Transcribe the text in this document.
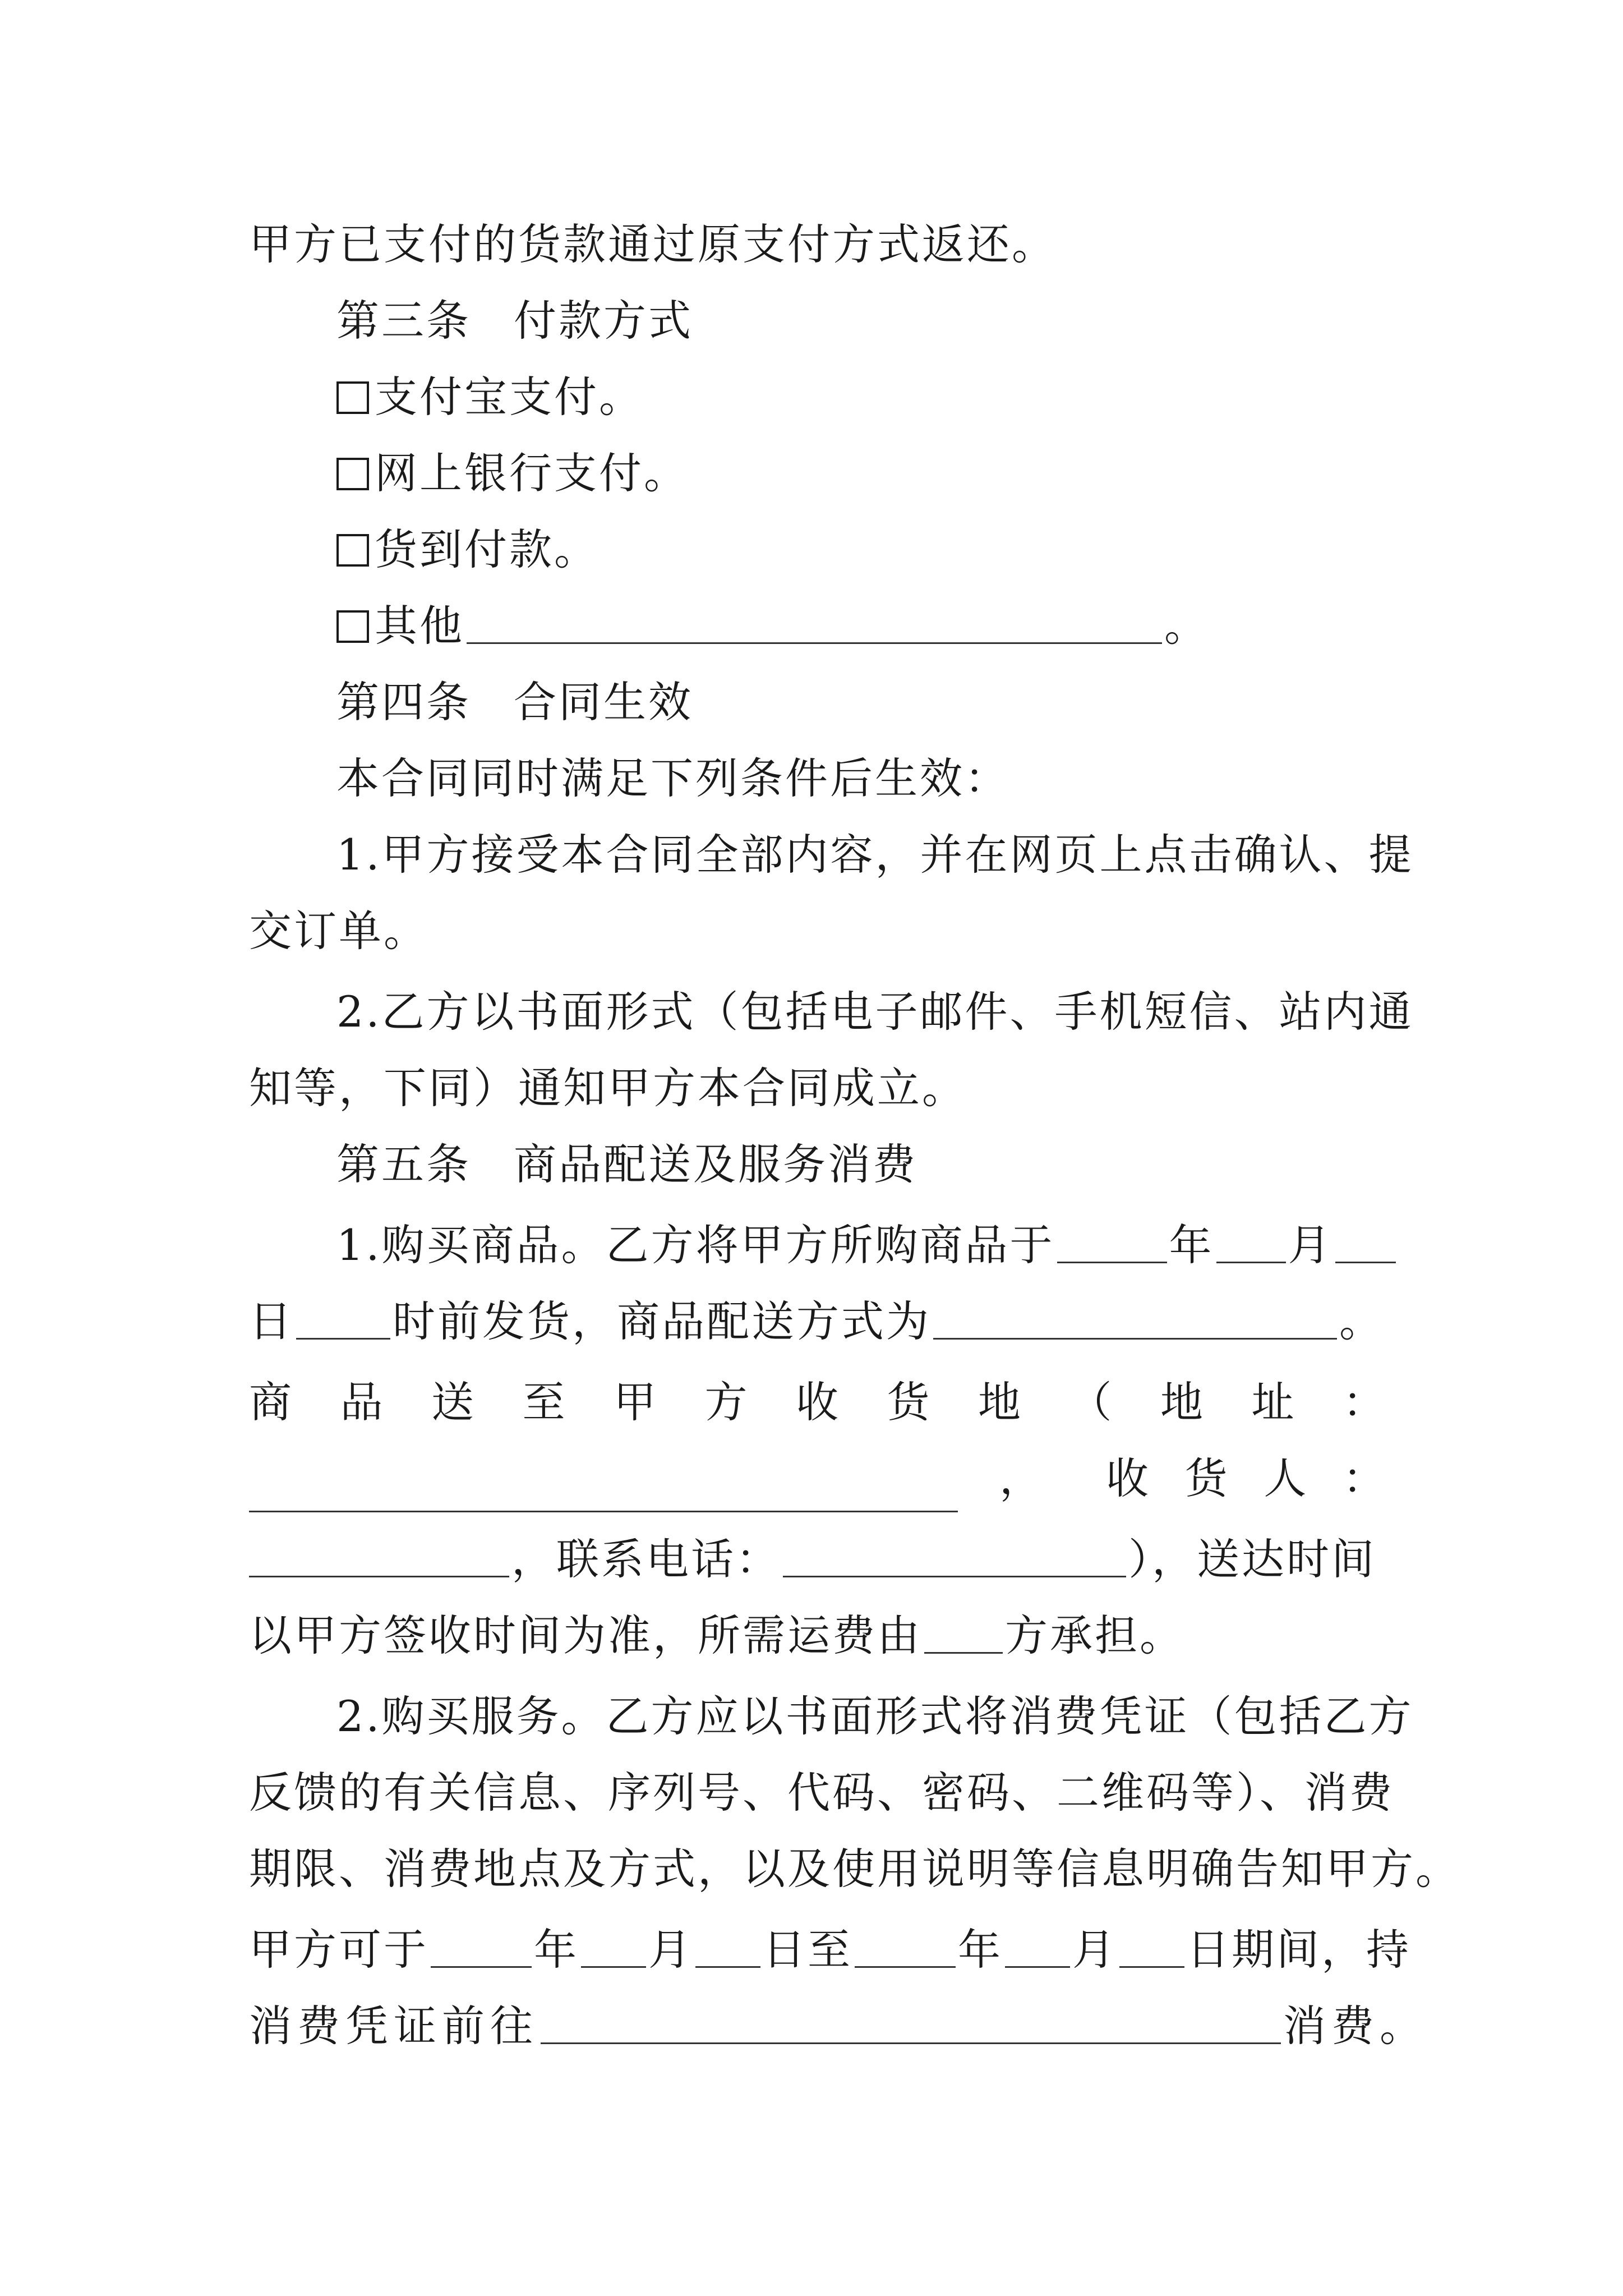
甲方已支付的货款通过原支付方式返还。
第三条 付款方式
支付宝支付。
网上银行支付。
货到付款。
其他	。
第四条 合同生效
本合同同时满足下列条件后生效：
1.甲方接受本合同全部内容，并在网页上点击确认、提
交订单。
2.乙方以书面形式（包括电子邮件、手机短信、站内通
知等，下同）通知甲方本合同成立。
第五条 商品配送及服务消费
1.购买商品。乙方将甲方所购商品于	年 月
日 时前发货，商品配送方式为	。
商 品 送 至 甲 方 收 货 地 （ 地 址 ：
， 收 货 人 ：
，联系电话：	），送达时间
以甲方签收时间为准，所需运费由 方承担。
2.购买服务。乙方应以书面形式将消费凭证（包括乙方
反馈的有关信息、序列号、代码、密码、二维码等）、消费
期限、消费地点及方式，以及使用说明等信息明确告知甲方。
甲方可于 年 月 日至 年 月 日期间，持
消费凭证前往	消费。
